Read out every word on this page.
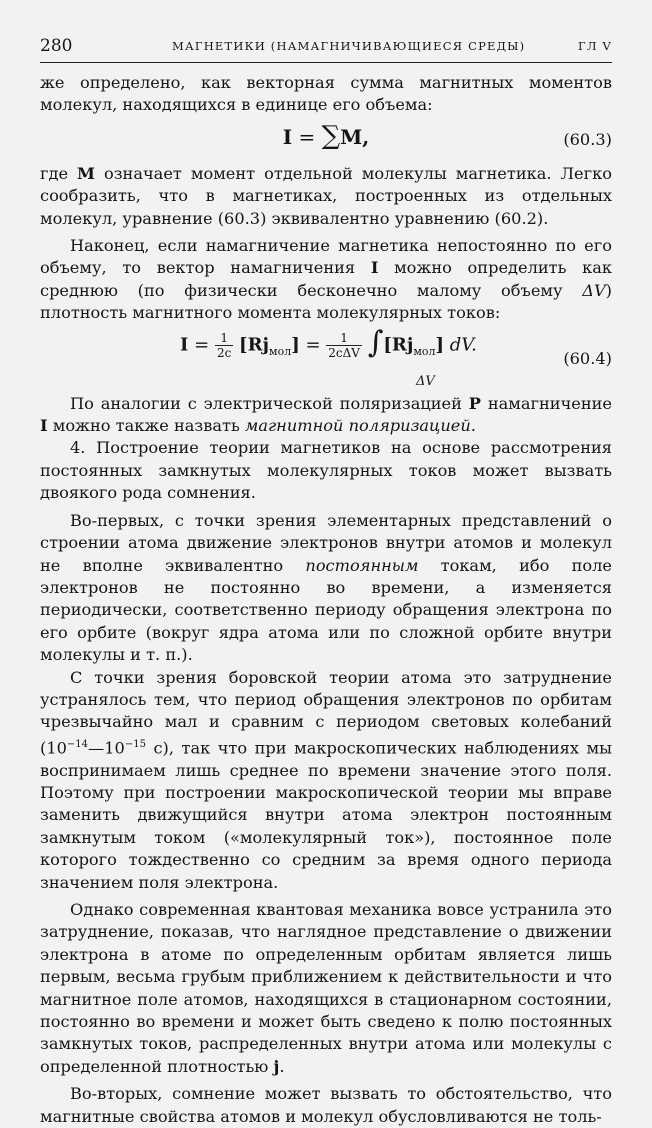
280	МАГНЕТИКИ (НАМАГНИЧИВАЮЩИЕСЯ СРЕДЫ)	ГЛ V

же определено, как векторная сумма магнитных моментов молекул, находящихся в единице его объема:

I = ∑M,	(60.3)

где M означает момент отдельной молекулы магнетика. Легко сообразить, что в магнетиках, построенных из отдельных молекул, уравнение (60.3) эквивалентно уравнению (60.2).

Наконец, если намагничение магнетика непостоянно по его объему, то вектор намагничения I можно определить как среднюю (по физически бесконечно малому объему ΔV) плотность магнитного момента молекулярных токов:

$I = \frac{1}{2c} [Rj_{мол}] = \frac{1}{\text{2cΔV}} \int[Rj_{мол}]$ dV.
ΔV
(60.4)

По аналогии с электрической поляризацией P намагничение I можно также назвать магнитной поляризацией.

4. Построение теории магнетиков на основе рассмотрения постоянных замкнутых молекулярных токов может вызвать двоякого рода сомнения.

Во-первых, с точки зрения элементарных представлений о строении атома движение электронов внутри атомов и молекул не вполне эквивалентно постоянным токам, ибо поле электронов не постоянно во времени, а изменяется периодически, соответственно периоду обращения электрона по его орбите (вокруг ядра атома или по сложной орбите внутри молекулы и т. п.).

С точки зрения боровской теории атома это затруднение устранялось тем, что период обращения электронов по орбитам чрезвычайно мал и сравним с периодом световых колебаний ($10^{-14}—10^{-15}$ с), так что при макроскопических наблюдениях мы воспринимаем лишь среднее по времени значение этого поля. Поэтому при построении макроскопической теории мы вправе заменить движущийся внутри атома электрон постоянным замкнутым током («молекулярный ток»), постоянное поле которого тождественно со средним за время одного периода значением поля электрона.

Однако современная квантовая механика вовсе устранила это затруднение, показав, что наглядное представление о движении электрона в атоме по определенным орбитам является лишь первым, весьма грубым приближением к действительности и что магнитное поле атомов, находящихся в стационарном состоянии, постоянно во времени и может быть сведено к полю постоянных замкнутых токов, распределенных внутри атома или молекулы с определенной плотностью j.

Во-вторых, сомнение может вызвать то обстоятельство, что магнитные свойства атомов и молекул обусловливаются не толь-
